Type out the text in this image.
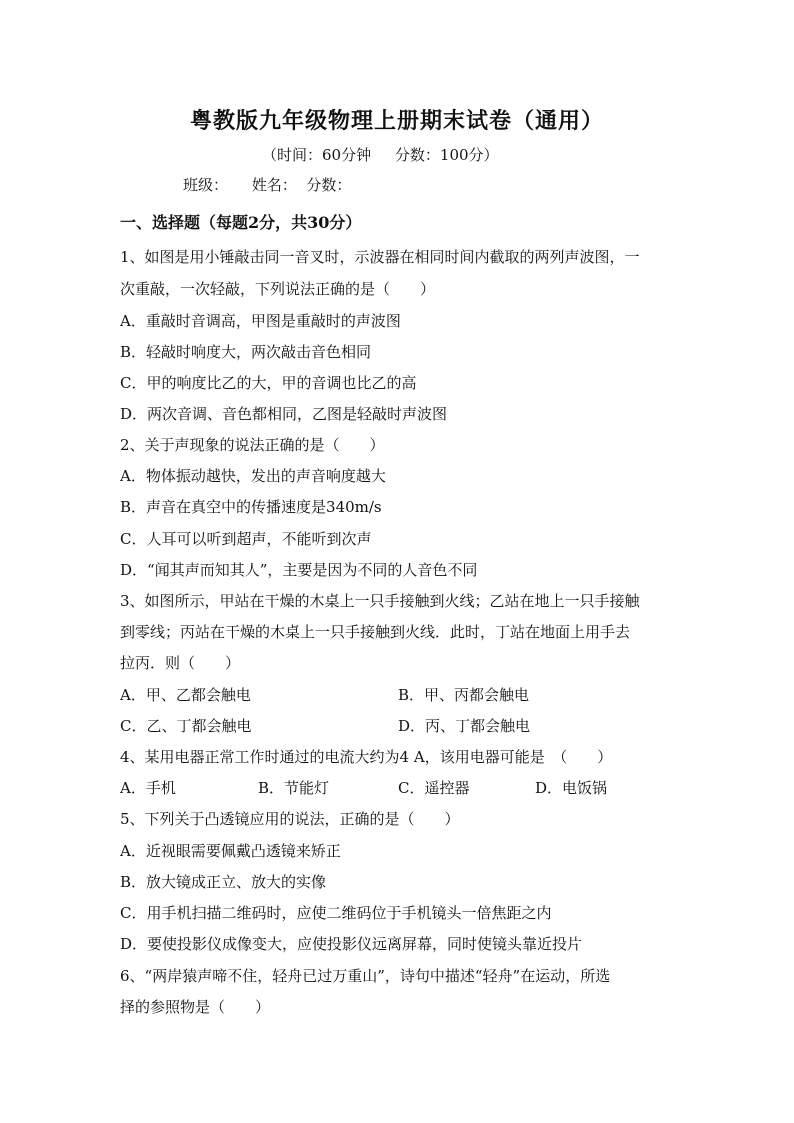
粤教版九年级物理上册期末试卷（通用）
（时间：60分钟     分数：100分）
班级：     姓名：  分数：
一、选择题（每题2分，共30分）
1、如图是用小锤敲击同一音叉时，示波器在相同时间内截取的两列声波图，一
次重敲，一次轻敲，下列说法正确的是（　　）
A．重敲时音调高，甲图是重敲时的声波图
B．轻敲时响度大，两次敲击音色相同
C．甲的响度比乙的大，甲的音调也比乙的高
D．两次音调、音色都相同，乙图是轻敲时声波图
2、关于声现象的说法正确的是（　　）
A．物体振动越快，发出的声音响度越大
B．声音在真空中的传播速度是340m/s
C．人耳可以听到超声，不能听到次声
D．“闻其声而知其人”，主要是因为不同的人音色不同
3、如图所示，甲站在干燥的木桌上一只手接触到火线；乙站在地上一只手接触
到零线；丙站在干燥的木桌上一只手接触到火线．此时，丁站在地面上用手去
拉丙．则（　　）
A．甲、乙都会触电	B．甲、丙都会触电
C．乙、丁都会触电	D．丙、丁都会触电
4、某用电器正常工作时通过的电流大约为4 A，该用电器可能是　（　　）
A．手机	B．节能灯	C．遥控器	D．电饭锅
5、下列关于凸透镜应用的说法，正确的是（　　）
A．近视眼需要佩戴凸透镜来矫正
B．放大镜成正立、放大的实像
C．用手机扫描二维码时，应使二维码位于手机镜头一倍焦距之内
D．要使投影仪成像变大，应使投影仪远离屏幕，同时使镜头靠近投片
6、“两岸猿声啼不住，轻舟已过万重山”，诗句中描述“轻舟”在运动，所选
择的参照物是（　　）
